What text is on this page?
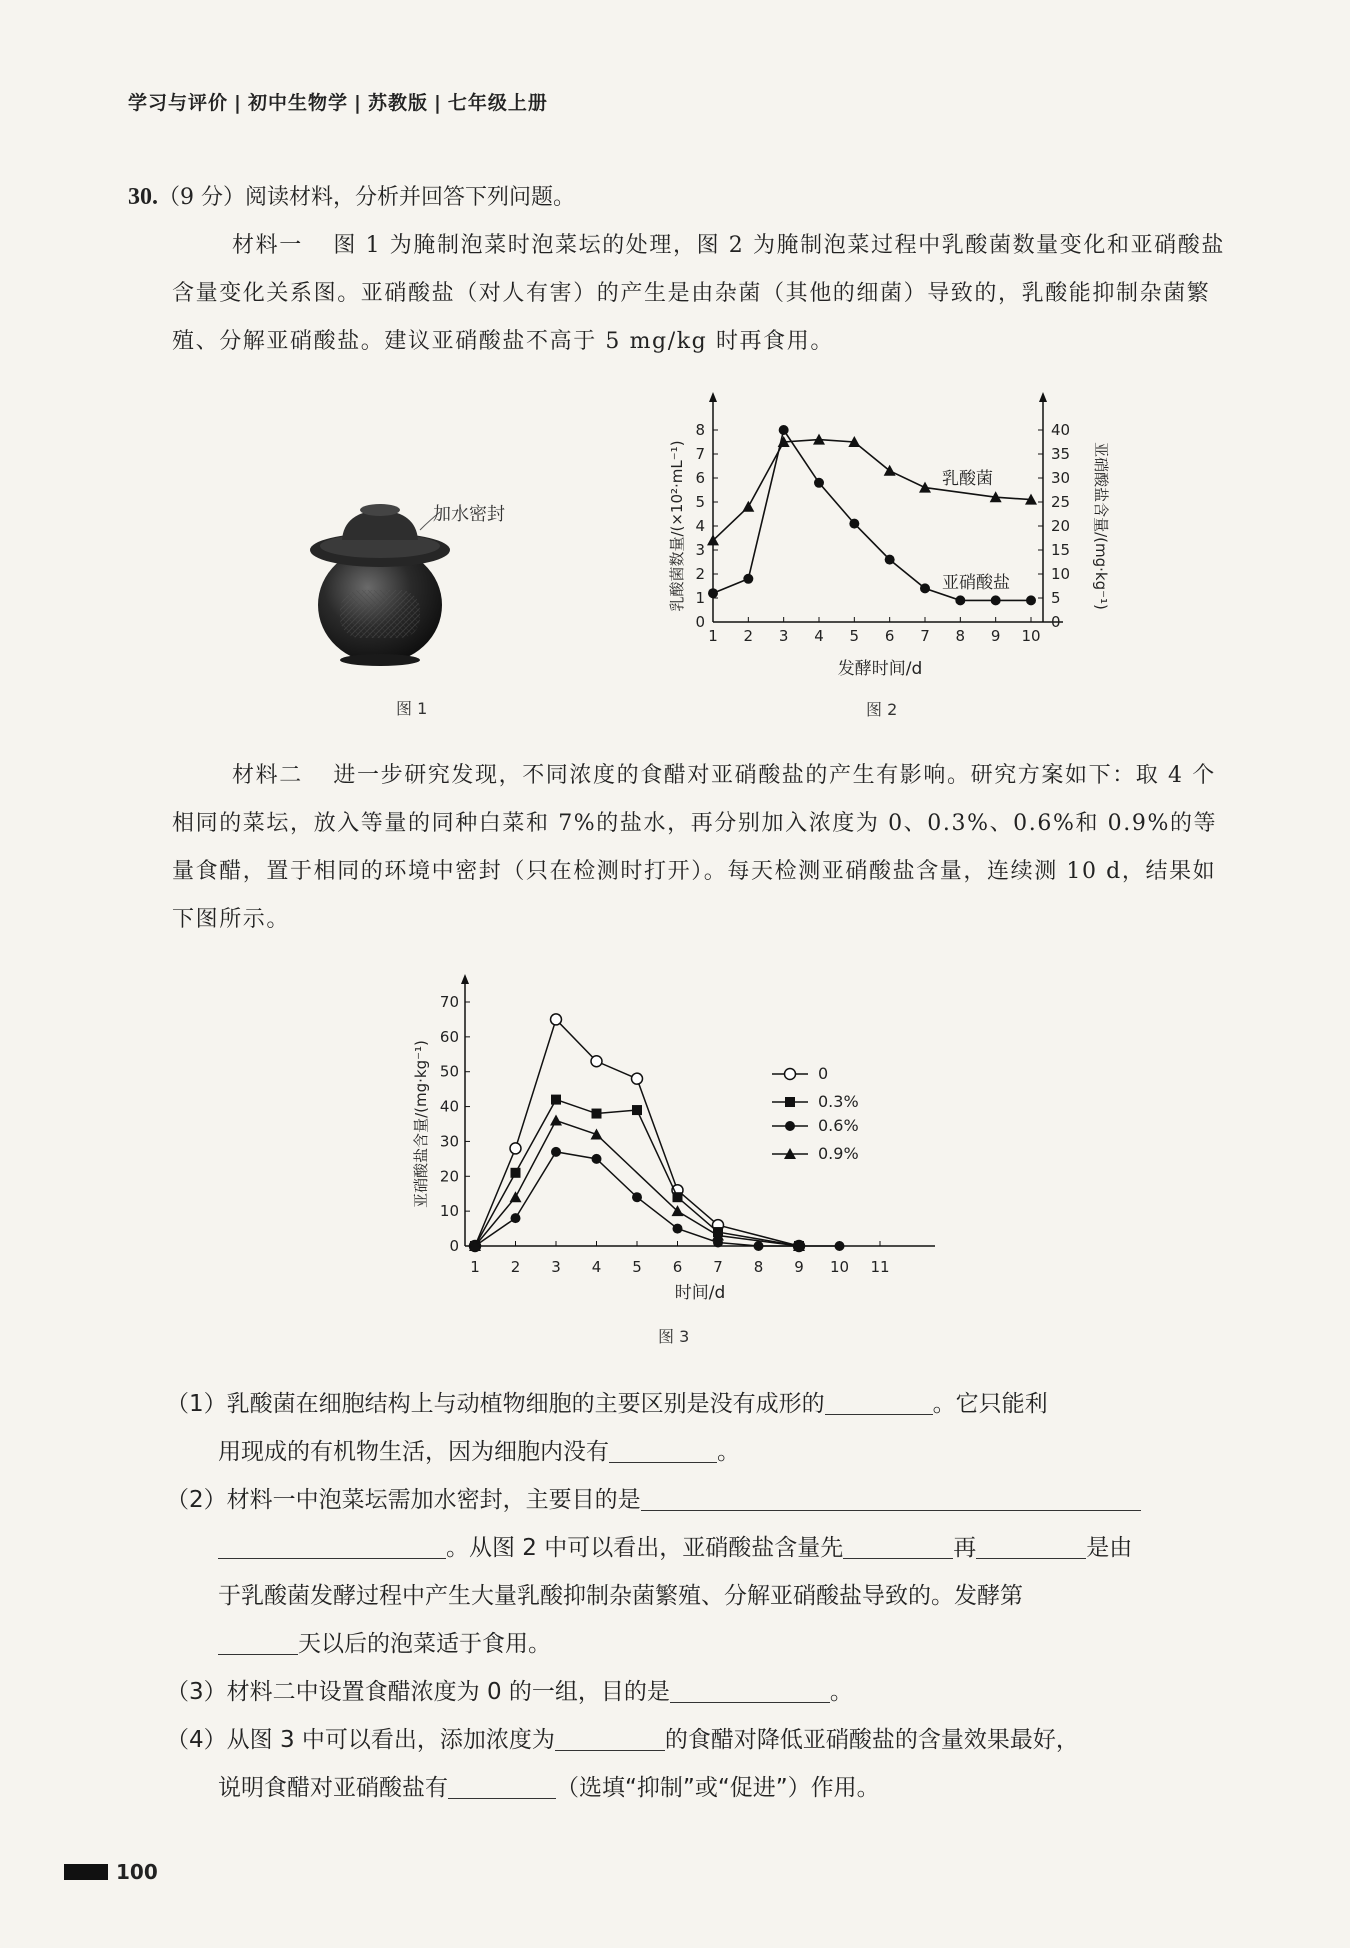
学习与评价 | 初中生物学 | 苏教版 | 七年级上册
30.（9 分）阅读材料，分析并回答下列问题。
材料一 图 1 为腌制泡菜时泡菜坛的处理，图 2 为腌制泡菜过程中乳酸菌数量变化和亚硝酸盐含量变化关系图。亚硝酸盐（对人有害）的产生是由杂菌（其他的细菌）导致的，乳酸能抑制杂菌繁殖、分解亚硝酸盐。建议亚硝酸盐不高于 5 mg/kg 时再食用。
加水密封
图 1
0
1
2
3
4
5
6
7
8
0
5
10
15
20
25
30
35
40
1 2 3 4 5 6 7 8 9 10
发酵时间/d
乳酸菌数量/(×10²·mL⁻¹)	亚硝酸盐含量/(mg·kg⁻¹)
乳酸菌
亚硝酸盐
图 2
材料二 进一步研究发现，不同浓度的食醋对亚硝酸盐的产生有影响。研究方案如下：取 4 个相同的菜坛，放入等量的同种白菜和 7%的盐水，再分别加入浓度为 0、0.3%、0.6%和 0.9%的等量食醋，置于相同的环境中密封（只在检测时打开）。每天检测亚硝酸盐含量，连续测 10 d，结果如下图所示。
0
10
20
30
40
50
60
70
1 2 3 4 5 6 7 8 9 10 11
时间/d
亚硝酸盐含量/(mg·kg⁻¹)	0
0.3%
0.6%
0.9%
图 3
（1）乳酸菌在细胞结构上与动植物细胞的主要区别是没有成形的	。它只能利
用现成的有机物生活，因为细胞内没有	。
（2）材料一中泡菜坛需加水密封，主要目的是
。从图 2 中可以看出，亚硝酸盐含量先	再	是由
于乳酸菌发酵过程中产生大量乳酸抑制杂菌繁殖、分解亚硝酸盐导致的。发酵第
天以后的泡菜适于食用。
（3）材料二中设置食醋浓度为 0 的一组，目的是	。
（4）从图 3 中可以看出，添加浓度为	的食醋对降低亚硝酸盐的含量效果最好，
说明食醋对亚硝酸盐有	（选填“抑制”或“促进”）作用。
100
